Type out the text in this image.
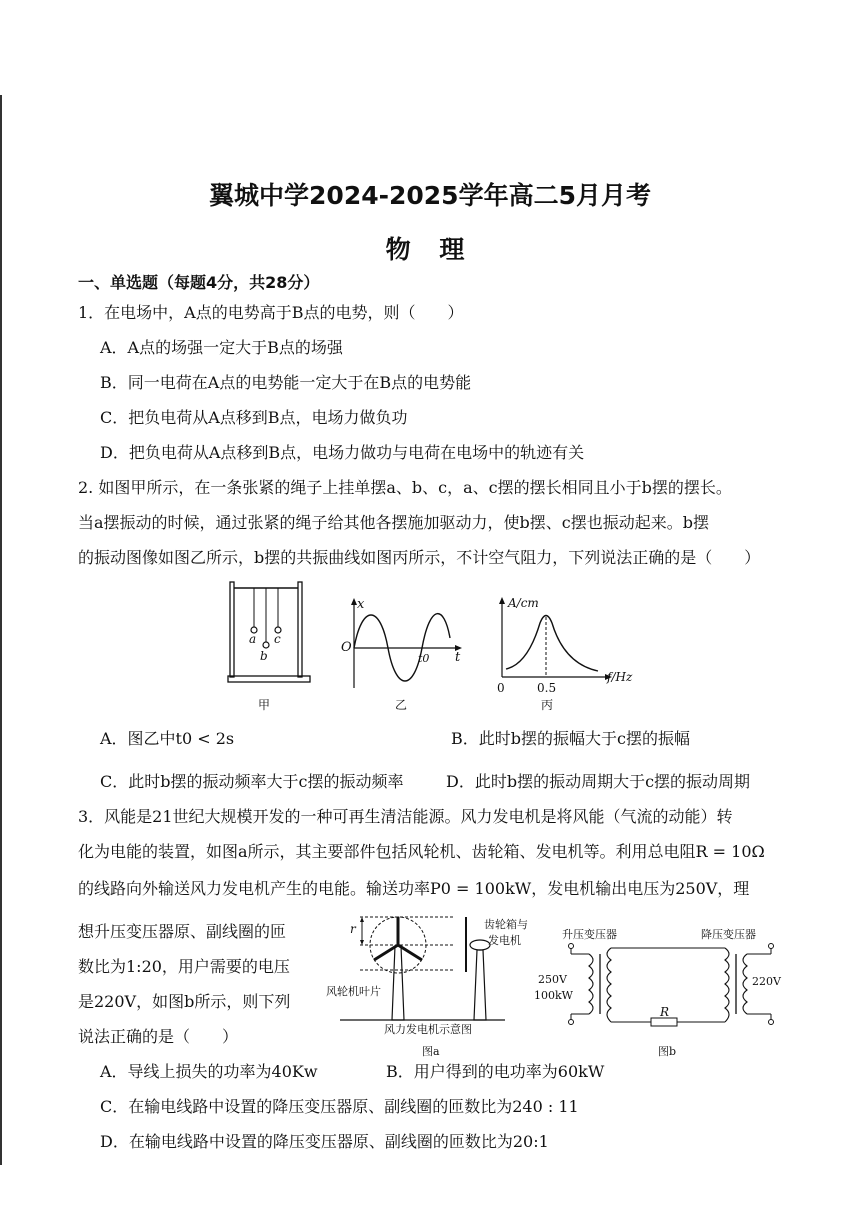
翼城中学2024-2025学年高二5月月考
物 理
一、单选题（每题4分，共28分）
1．在电场中，A点的电势高于B点的电势，则（　　）
A．A点的场强一定大于B点的场强
B．同一电荷在A点的电势能一定大于在B点的电势能
C．把负电荷从A点移到B点，电场力做负功
D．把负电荷从A点移到B点，电场力做功与电荷在电场中的轨迹有关
2. 如图甲所示，在一条张紧的绳子上挂单摆a、b、c，a、c摆的摆长相同且小于b摆的摆长。
当a摆振动的时候，通过张紧的绳子给其他各摆施加驱动力，使b摆、c摆也振动起来。b摆
的振动图像如图乙所示，b摆的共振曲线如图丙所示，不计空气阻力，下列说法正确的是（　　）
a
b
c
甲
x
O
t0 t
乙
A/cm
0	0.5
f/Hz
丙
A．图乙中t0 < 2s	B．此时b摆的振幅大于c摆的振幅
C．此时b摆的振动频率大于c摆的振动频率	D．此时b摆的振动周期大于c摆的振动周期
3．风能是21世纪大规模开发的一种可再生清洁能源。风力发电机是将风能（气流的动能）转
化为电能的装置，如图a所示，其主要部件包括风轮机、齿轮箱、发电机等。利用总电阻R = 10Ω
的线路向外输送风力发电机产生的电能。输送功率P0 = 100kW，发电机输出电压为250V，理
想升压变压器原、副线圈的匝
数比为1:20，用户需要的电压
是220V，如图b所示，则下列
说法正确的是（　　）
r	齿轮箱与
发电机
风轮机叶片
风力发电机示意图
图a
升压变压器	降压变压器
250V
100kW
220V
R
图b
A．导线上损失的功率为40Kw	B．用户得到的电功率为60kW
C．在输电线路中设置的降压变压器原、副线圈的匝数比为240 : 11
D．在输电线路中设置的降压变压器原、副线圈的匝数比为20:1
